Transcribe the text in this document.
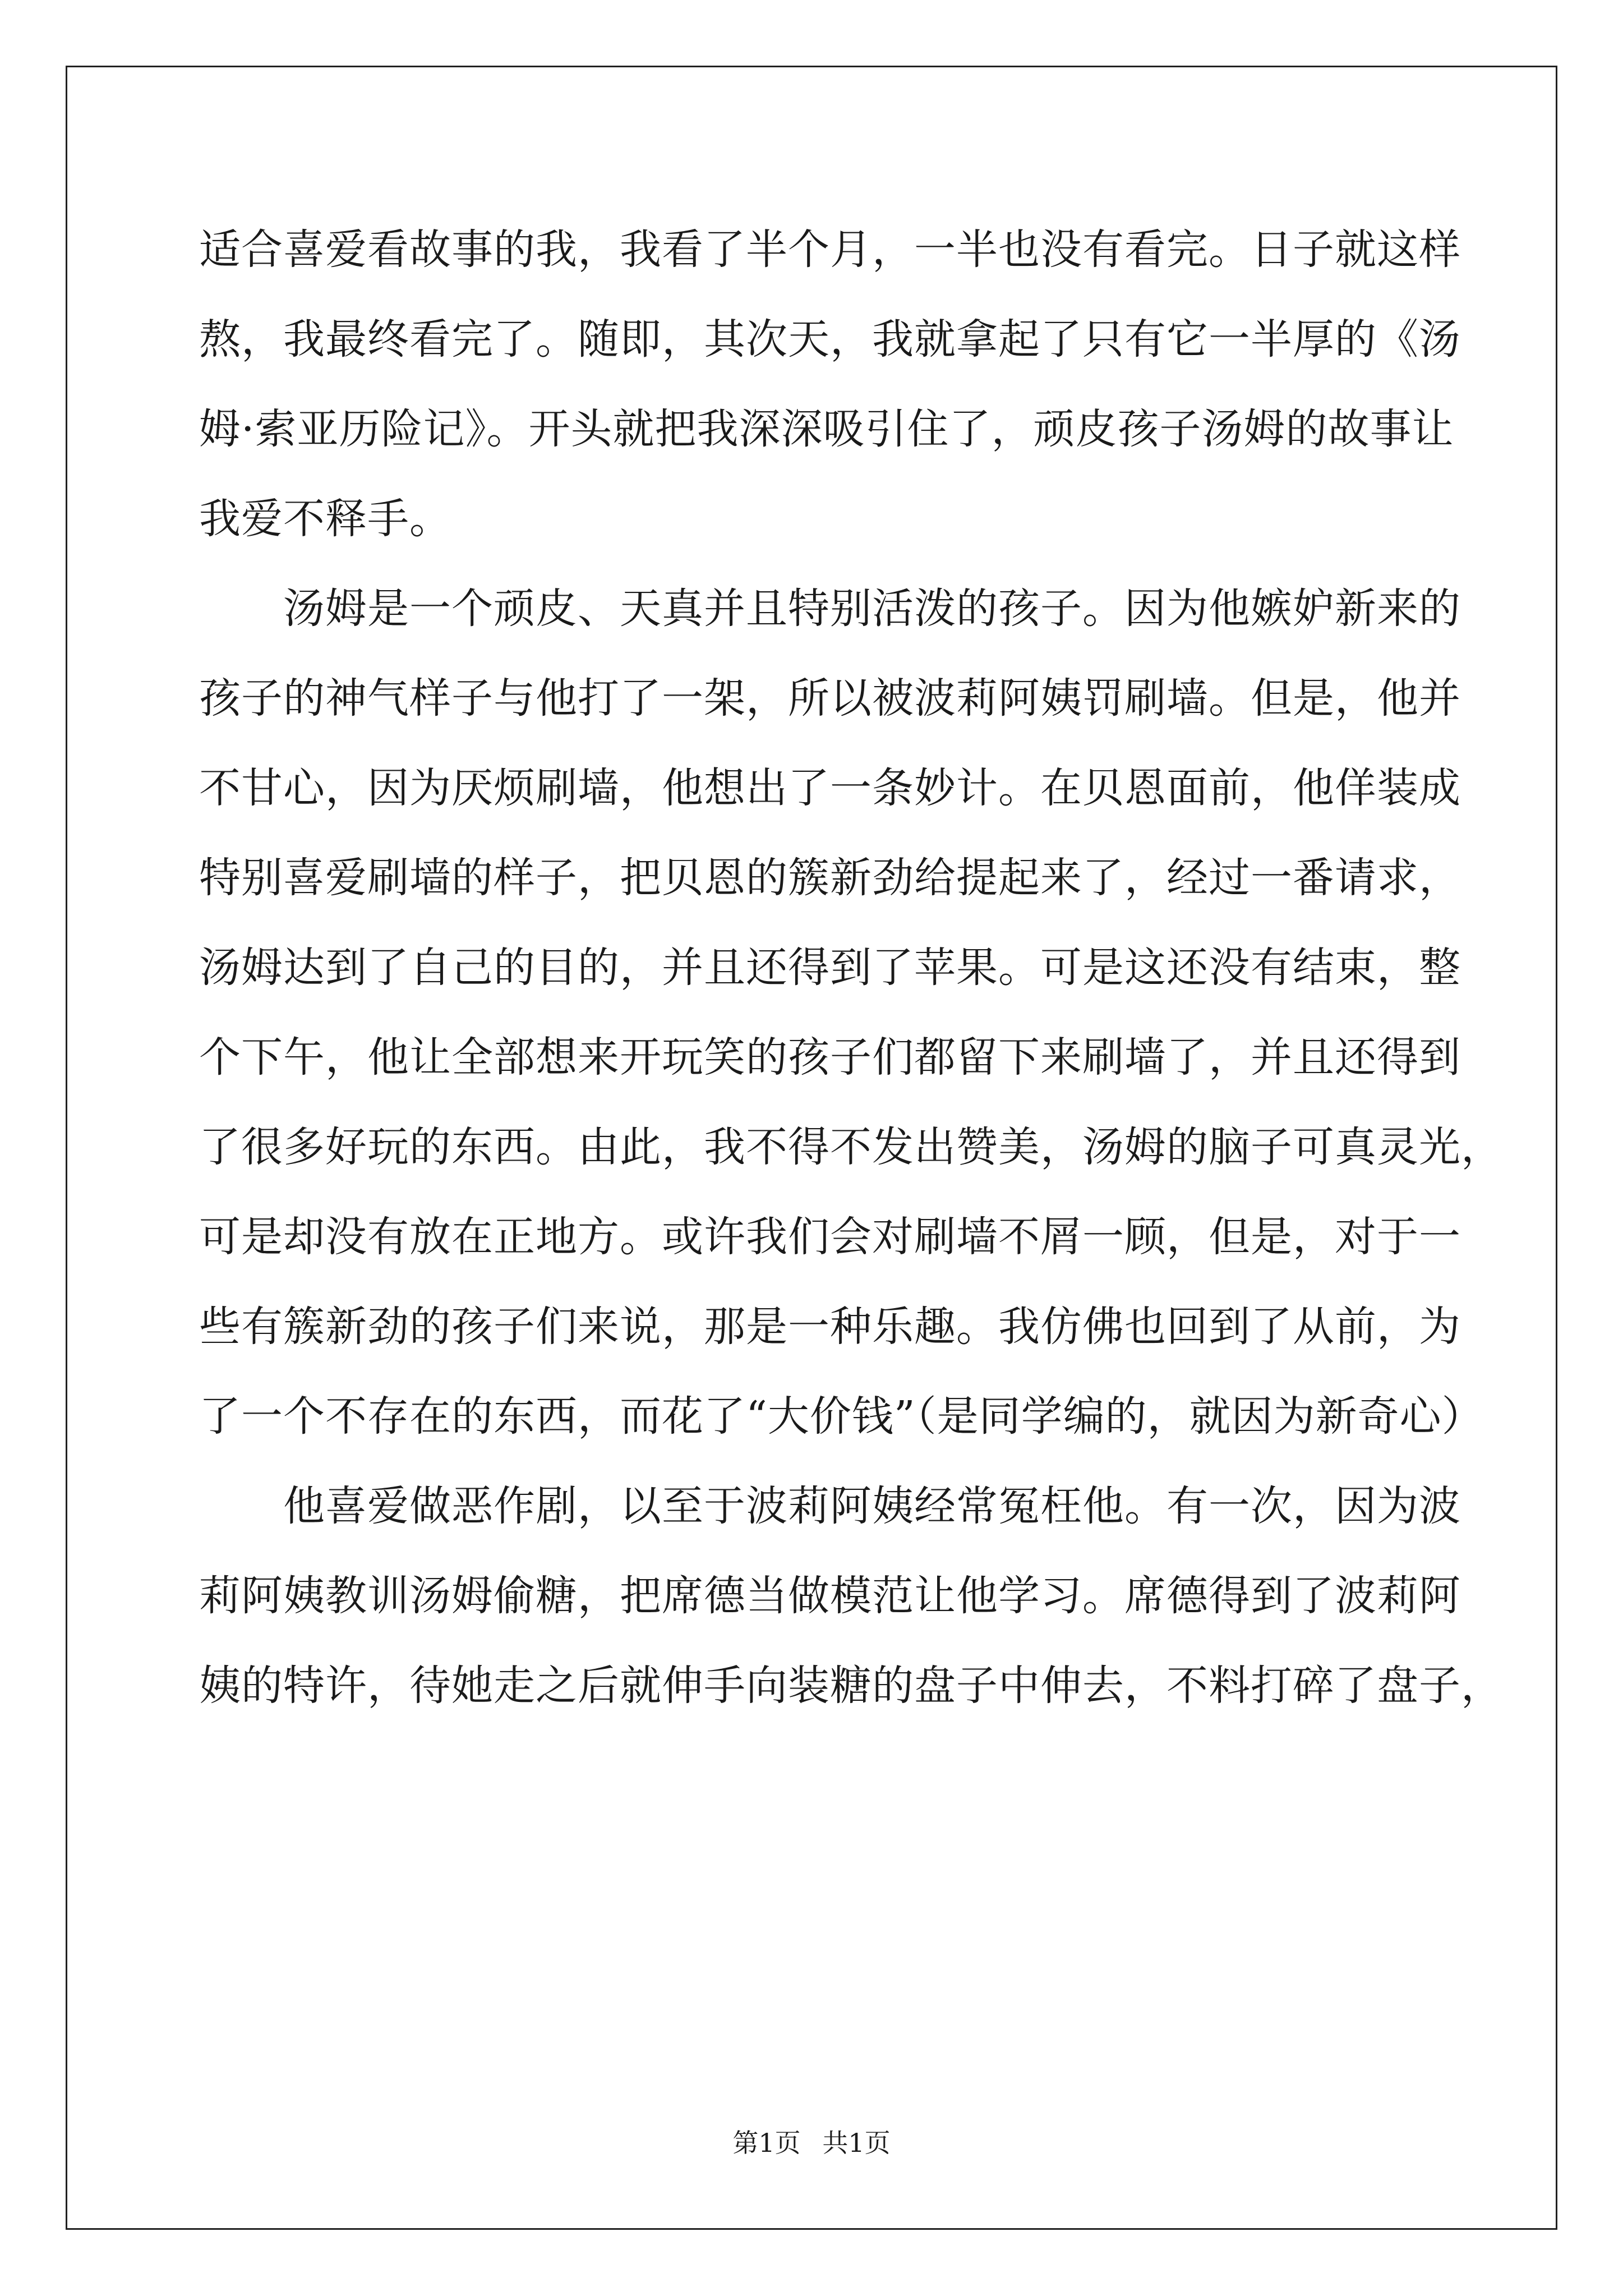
适合喜爱看故事的我，我看了半个月，一半也没有看完。日子就这样
熬，我最终看完了。随即，其次天，我就拿起了只有它一半厚的《汤
姆·索亚历险记》。开头就把我深深吸引住了，顽皮孩子汤姆的故事让
我爱不释手。
汤姆是一个顽皮、天真并且特别活泼的孩子。因为他嫉妒新来的
孩子的神气样子与他打了一架，所以被波莉阿姨罚刷墙。但是，他并
不甘心，因为厌烦刷墙，他想出了一条妙计。在贝恩面前，他佯装成
特别喜爱刷墙的样子，把贝恩的簇新劲给提起来了，经过一番请求，
汤姆达到了自己的目的，并且还得到了苹果。可是这还没有结束，整
个下午，他让全部想来开玩笑的孩子们都留下来刷墙了，并且还得到
了很多好玩的东西。由此，我不得不发出赞美，汤姆的脑子可真灵光，
可是却没有放在正地方。或许我们会对刷墙不屑一顾，但是，对于一
些有簇新劲的孩子们来说，那是一种乐趣。我仿佛也回到了从前，为
了一个不存在的东西，而花了“大价钱”（是同学编的，就因为新奇心）
他喜爱做恶作剧，以至于波莉阿姨经常冤枉他。有一次，因为波
莉阿姨教训汤姆偷糖，把席德当做模范让他学习。席德得到了波莉阿
姨的特许，待她走之后就伸手向装糖的盘子中伸去，不料打碎了盘子，
第1页 共1页
